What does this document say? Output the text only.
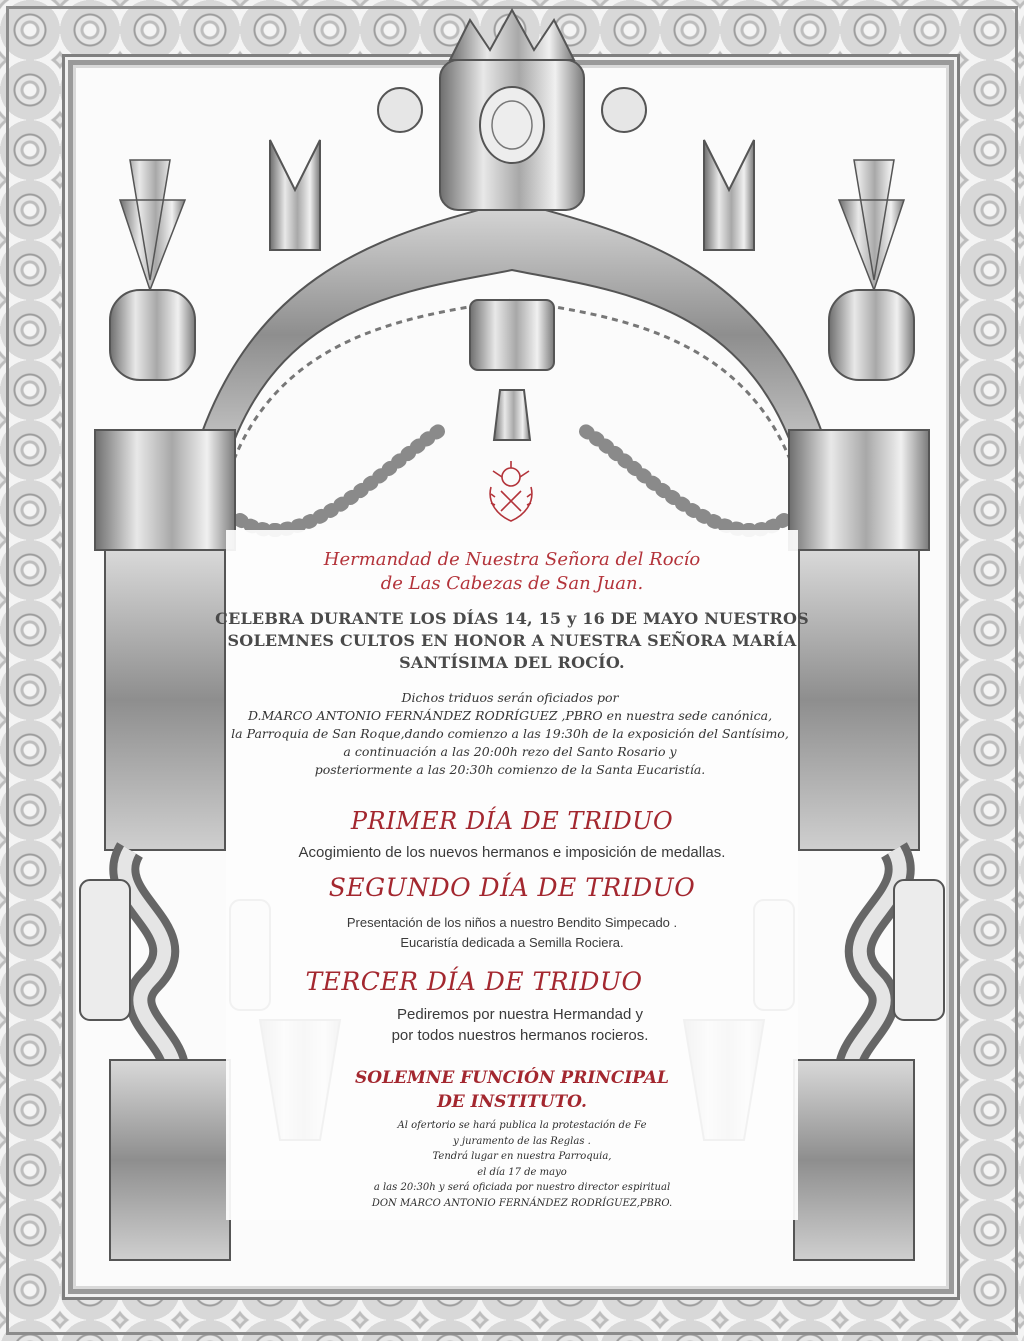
Hermandad de Nuestra Señora del Rocío
de Las Cabezas de San Juan.
CELEBRA DURANTE LOS DÍAS 14, 15 y 16 DE MAYO NUESTROS
SOLEMNES CULTOS EN HONOR A NUESTRA SEÑORA MARÍA
SANTÍSIMA DEL ROCÍO.
Dichos triduos serán oficiados por
D.MARCO ANTONIO FERNÁNDEZ RODRÍGUEZ ,PBRO en nuestra sede canónica,
la Parroquia de San Roque,dando comienzo a las 19:30h de la exposición del Santísimo,
a continuación a las 20:00h rezo del Santo Rosario y
posteriormente a las 20:30h comienzo de la Santa Eucaristía.
PRIMER DÍA DE TRIDUO
Acogimiento de los nuevos hermanos e imposición de medallas.
SEGUNDO DÍA DE TRIDUO
Presentación de los niños a nuestro Bendito Simpecado .
Eucaristía dedicada a Semilla Rociera.
TERCER DÍA DE TRIDUO
Pediremos por nuestra Hermandad y
por todos nuestros hermanos rocieros.
SOLEMNE FUNCIÓN PRINCIPAL
DE INSTITUTO.
Al ofertorio se hará publica la protestación de Fe
y juramento de las Reglas .
Tendrá lugar en nuestra Parroquia,
el día 17 de mayo
a las 20:30h y será oficiada por nuestro director espiritual
DON MARCO ANTONIO FERNÁNDEZ RODRÍGUEZ,PBRO.
